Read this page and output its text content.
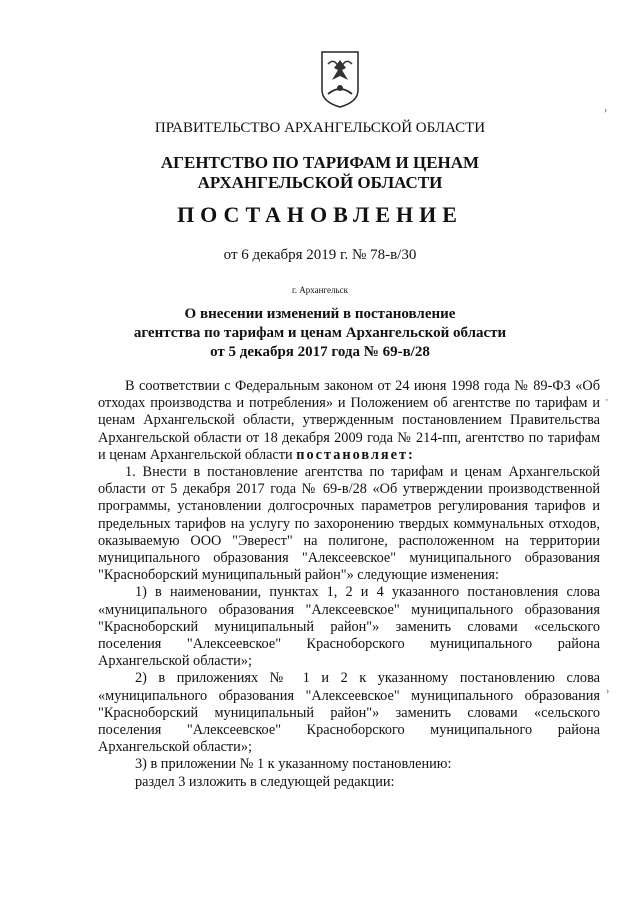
ПРАВИТЕЛЬСТВО АРХАНГЕЛЬСКОЙ ОБЛАСТИ
АГЕНТСТВО ПО ТАРИФАМ И ЦЕНАМ
АРХАНГЕЛЬСКОЙ ОБЛАСТИ
ПОСТАНОВЛЕНИЕ
от 6 декабря 2019 г. № 78-в/30
г. Архангельск
О внесении изменений в постановление
агентства по тарифам и ценам Архангельской области
от 5 декабря 2017 года № 69-в/28

В соответствии с Федеральным законом от 24 июня 1998 года № 89-ФЗ «Об отходах производства и потребления» и Положением об агентстве по тарифам и ценам Архангельской области, утвержденным постановлением Правительства Архангельской области от 18 декабря 2009 года № 214-пп, агентство по тарифам и ценам Архангельской области постановляет:

1. Внести в постановление агентства по тарифам и ценам Архангельской области от 5 декабря 2017 года № 69-в/28 «Об утверждении производственной программы, установлении долгосрочных параметров регулирования тарифов и предельных тарифов на услугу по захоронению твердых коммунальных отходов, оказываемую ООО "Эверест" на полигоне, расположенном на территории муниципального образования "Алексеевское" муниципального образования "Красноборский муниципальный район"» следующие изменения:

1) в наименовании, пунктах 1, 2 и 4 указанного постановления слова «муниципального образования "Алексеевское" муниципального образования "Красноборский муниципальный район"» заменить словами «сельского поселения "Алексеевское" Красноборского муниципального района Архангельской области»;

2) в приложениях № 1 и 2 к указанному постановлению слова «муниципального образования "Алексеевское" муниципального образования "Красноборский муниципальный район"» заменить словами «сельского поселения "Алексеевское" Красноборского муниципального района Архангельской области»;

3) в приложении № 1 к указанному постановлению:

раздел 3 изложить в следующей редакции:

›
'
›
